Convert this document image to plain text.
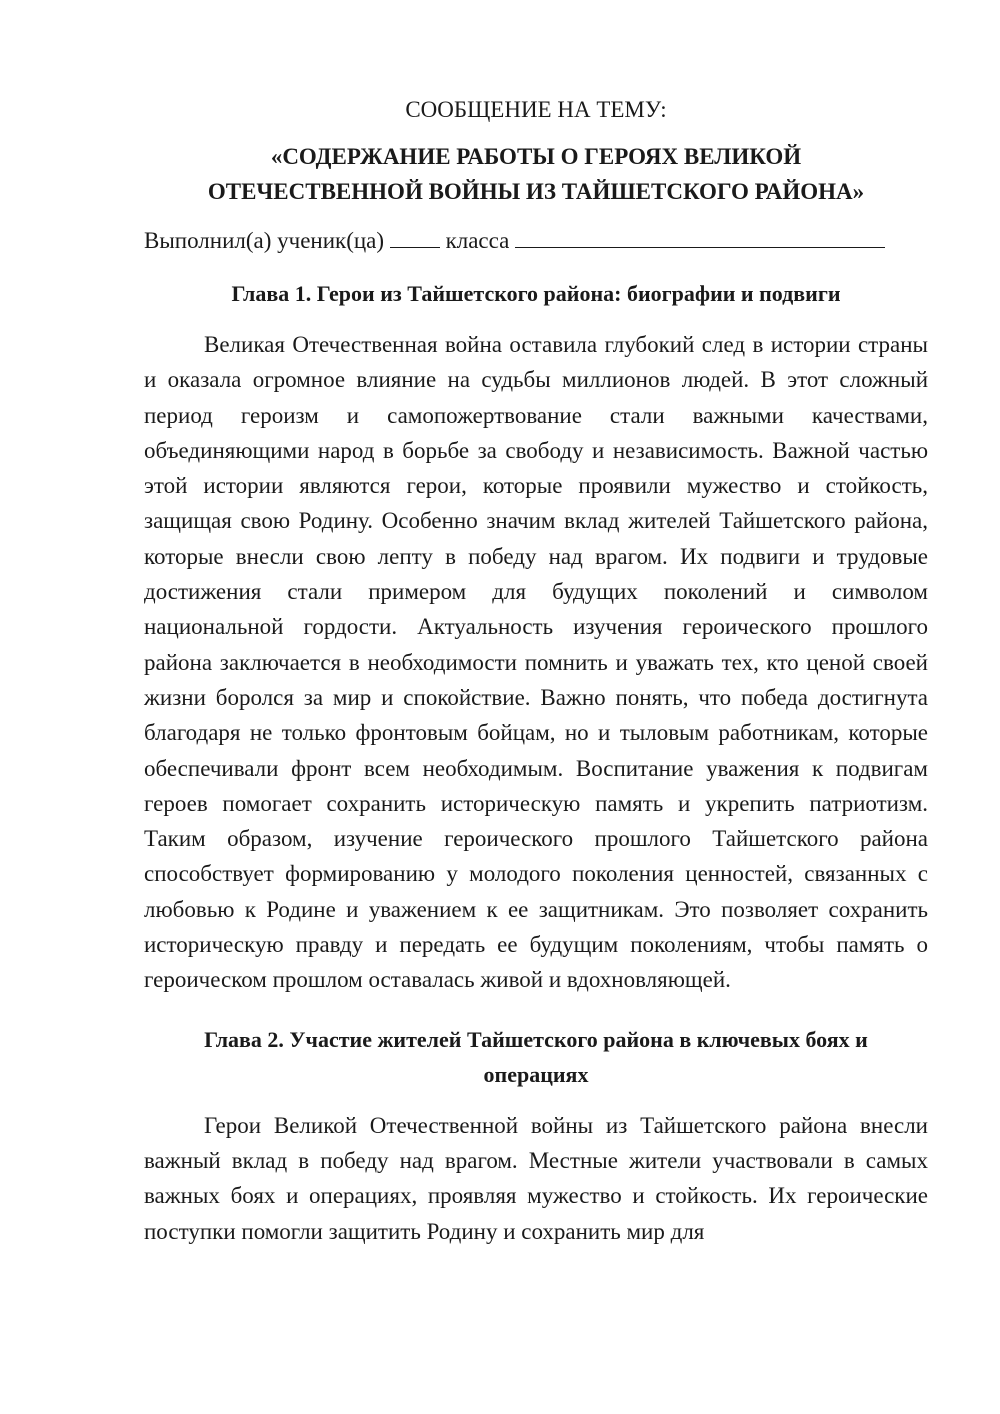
СООБЩЕНИЕ НА ТЕМУ:

«СОДЕРЖАНИЕ РАБОТЫ О ГЕРОЯХ ВЕЛИКОЙ
ОТЕЧЕСТВЕННОЙ ВОЙНЫ ИЗ ТАЙШЕТСКОГО РАЙОНА»

Выполнил(а) ученик(ца)	класса

Глава 1. Герои из Тайшетского района: биографии и подвиги

Великая Отечественная война оставила глубокий след в истории страны и оказала огромное влияние на судьбы миллионов людей. В этот сложный период героизм и самопожертвование стали важными качествами, объединяющими народ в борьбе за свободу и независимость. Важной частью этой истории являются герои, которые проявили мужество и стойкость, защищая свою Родину. Особенно значим вклад жителей Тайшетского района, которые внесли свою лепту в победу над врагом. Их подвиги и трудовые достижения стали примером для будущих поколений и символом национальной гордости. Актуальность изучения героического прошлого района заключается в необходимости помнить и уважать тех, кто ценой своей жизни боролся за мир и спокойствие. Важно понять, что победа достигнута благодаря не только фронтовым бойцам, но и тыловым работникам, которые обеспечивали фронт всем необходимым. Воспитание уважения к подвигам героев помогает сохранить историческую память и укрепить патриотизм. Таким образом, изучение героического прошлого Тайшетского района способствует формированию у молодого поколения ценностей, связанных с любовью к Родине и уважением к ее защитникам. Это позволяет сохранить историческую правду и передать ее будущим поколениям, чтобы память о героическом прошлом оставалась живой и вдохновляющей.

Глава 2. Участие жителей Тайшетского района в ключевых боях и
операциях

Герои Великой Отечественной войны из Тайшетского района внесли важный вклад в победу над врагом. Местные жители участвовали в самых важных боях и операциях, проявляя мужество и стойкость. Их героические поступки помогли защитить Родину и сохранить мир для
